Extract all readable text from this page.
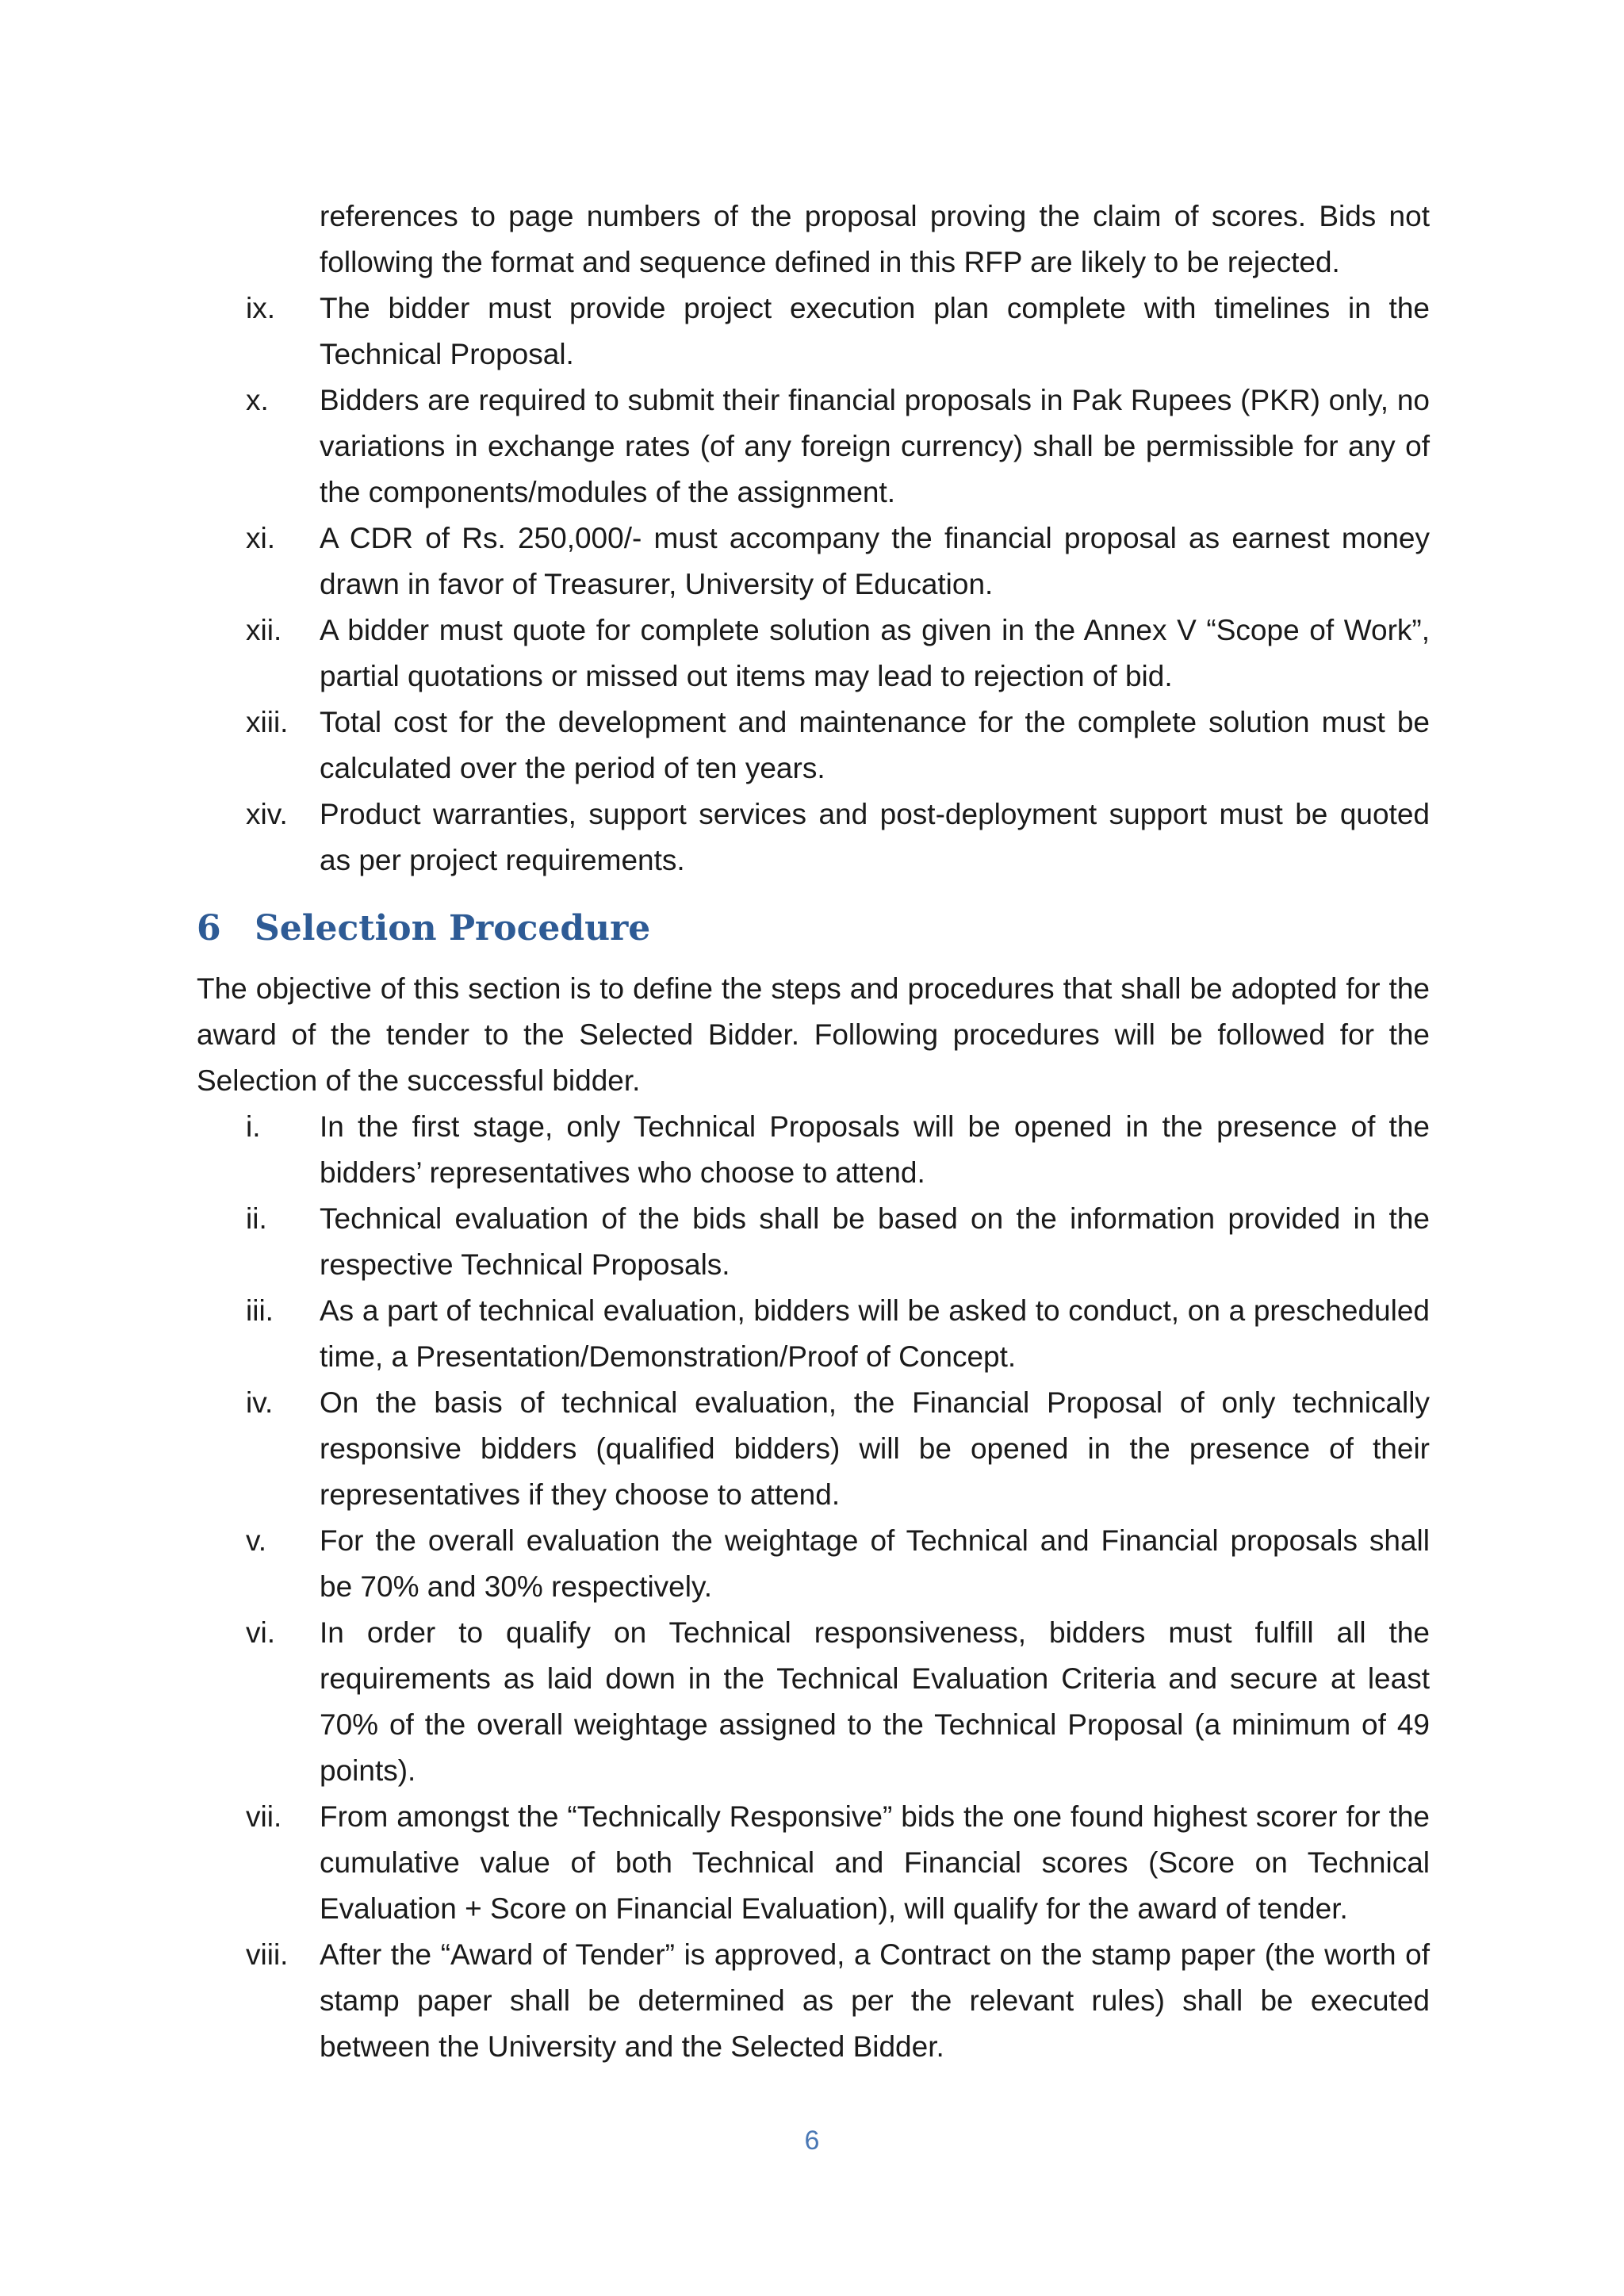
references to page numbers of the proposal proving the claim of scores. Bids not following the format and sequence defined in this RFP are likely to be rejected.
ix. The bidder must provide project execution plan complete with timelines in the Technical Proposal.
x. Bidders are required to submit their financial proposals in Pak Rupees (PKR) only, no variations in exchange rates (of any foreign currency) shall be permissible for any of the components/modules of the assignment.
xi. A CDR of Rs. 250,000/- must accompany the financial proposal as earnest money drawn in favor of Treasurer, University of Education.
xii. A bidder must quote for complete solution as given in the Annex V “Scope of Work”, partial quotations or missed out items may lead to rejection of bid.
xiii. Total cost for the development and maintenance for the complete solution must be calculated over the period of ten years.
xiv. Product warranties, support services and post-deployment support must be quoted as per project requirements.
6 Selection Procedure
The objective of this section is to define the steps and procedures that shall be adopted for the award of the tender to the Selected Bidder. Following procedures will be followed for the Selection of the successful bidder.
i. In the first stage, only Technical Proposals will be opened in the presence of the bidders’ representatives who choose to attend.
ii. Technical evaluation of the bids shall be based on the information provided in the respective Technical Proposals.
iii. As a part of technical evaluation, bidders will be asked to conduct, on a prescheduled time, a Presentation/Demonstration/Proof of Concept.
iv. On the basis of technical evaluation, the Financial Proposal of only technically responsive bidders (qualified bidders) will be opened in the presence of their representatives if they choose to attend.
v. For the overall evaluation the weightage of Technical and Financial proposals shall be 70% and 30% respectively.
vi. In order to qualify on Technical responsiveness, bidders must fulfill all the requirements as laid down in the Technical Evaluation Criteria and secure at least 70% of the overall weightage assigned to the Technical Proposal (a minimum of 49 points).
vii. From amongst the “Technically Responsive” bids the one found highest scorer for the cumulative value of both Technical and Financial scores (Score on Technical Evaluation + Score on Financial Evaluation), will qualify for the award of tender.
viii. After the “Award of Tender” is approved, a Contract on the stamp paper (the worth of stamp paper shall be determined as per the relevant rules) shall be executed between the University and the Selected Bidder.
6
